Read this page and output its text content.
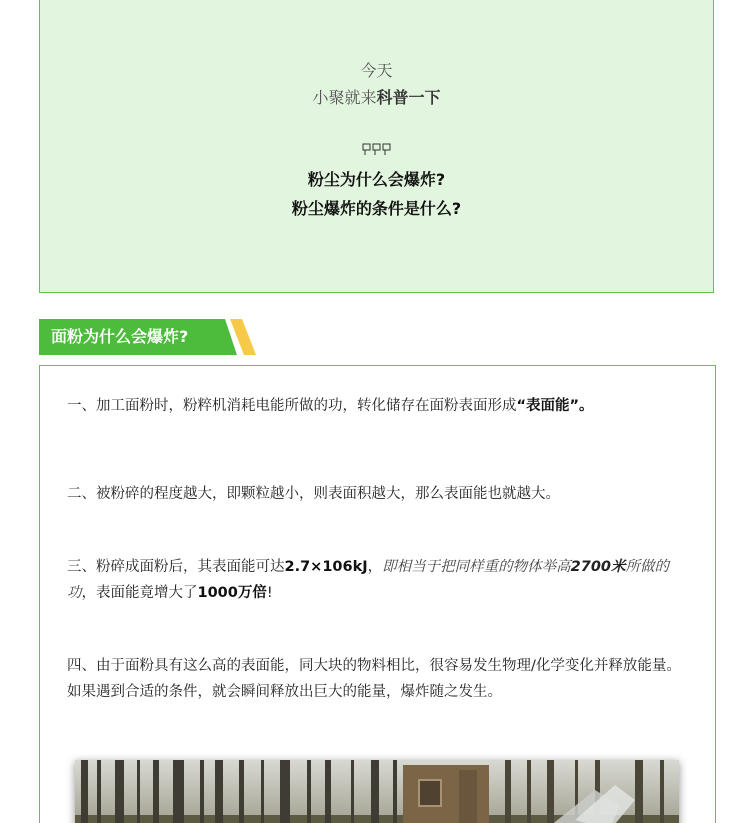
今天
小聚就来科普一下
粉尘为什么会爆炸?
粉尘爆炸的条件是什么?
面粉为什么会爆炸?
一、加工面粉时，粉粹机消耗电能所做的功，转化储存在面粉表面形成“表面能”。
二、被粉碎的程度越大，即颗粒越小，则表面积越大，那么表面能也就越大。
三、粉碎成面粉后，其表面能可达2.7×106kJ，即相当于把同样重的物体举高2700米所做的功，表面能竟增大了1000万倍!
四、由于面粉具有这么高的表面能，同大块的物料相比，很容易发生物理/化学变化并释放能量。如果遇到合适的条件，就会瞬间释放出巨大的能量，爆炸随之发生。
